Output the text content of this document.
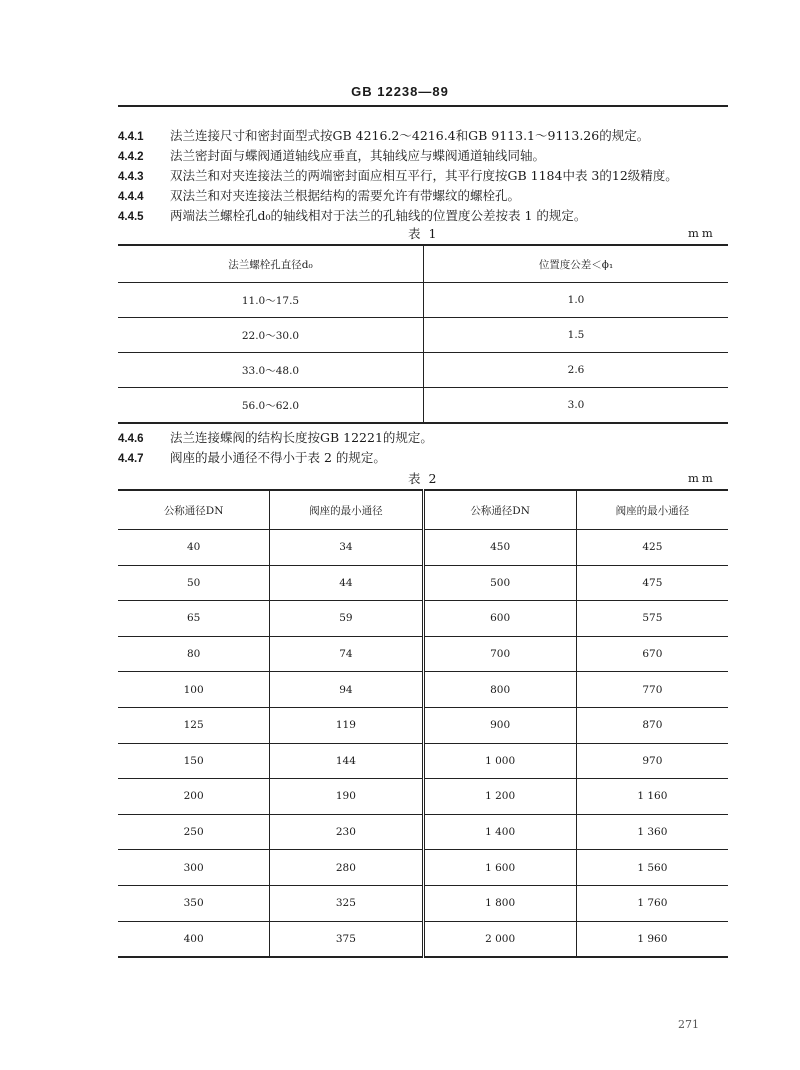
GB 12238—89
4.4.1 法兰连接尺寸和密封面型式按GB 4216.2～4216.4和GB 9113.1～9113.26的规定。
4.4.2 法兰密封面与蝶阀通道轴线应垂直，其轴线应与蝶阀通道轴线同轴。
4.4.3 双法兰和对夹连接法兰的两端密封面应相互平行，其平行度按GB 1184中表 3的12级精度。
4.4.4 双法兰和对夹连接法兰根据结构的需要允许有带螺纹的螺栓孔。
4.4.5 两端法兰螺栓孔d₀的轴线相对于法兰的孔轴线的位置度公差按表 1 的规定。
表 1	mm
法兰螺栓孔直径d₀	位置度公差＜ϕ₁
11.0～17.5	1.0
22.0～30.0	1.5
33.0～48.0	2.6
56.0～62.0	3.0
4.4.6 法兰连接蝶阀的结构长度按GB 12221的规定。
4.4.7 阀座的最小通径不得小于表 2 的规定。
表 2	mm
公称通径DN	阀座的最小通径	公称通径DN	阀座的最小通径
40	34	450	425
50	44	500	475
65	59	600	575
80	74	700	670
100	94	800	770
125	119	900	870
150	144	1 000	970
200	190	1 200	1 160
250	230	1 400	1 360
300	280	1 600	1 560
350	325	1 800	1 760
400	375	2 000	1 960
271
